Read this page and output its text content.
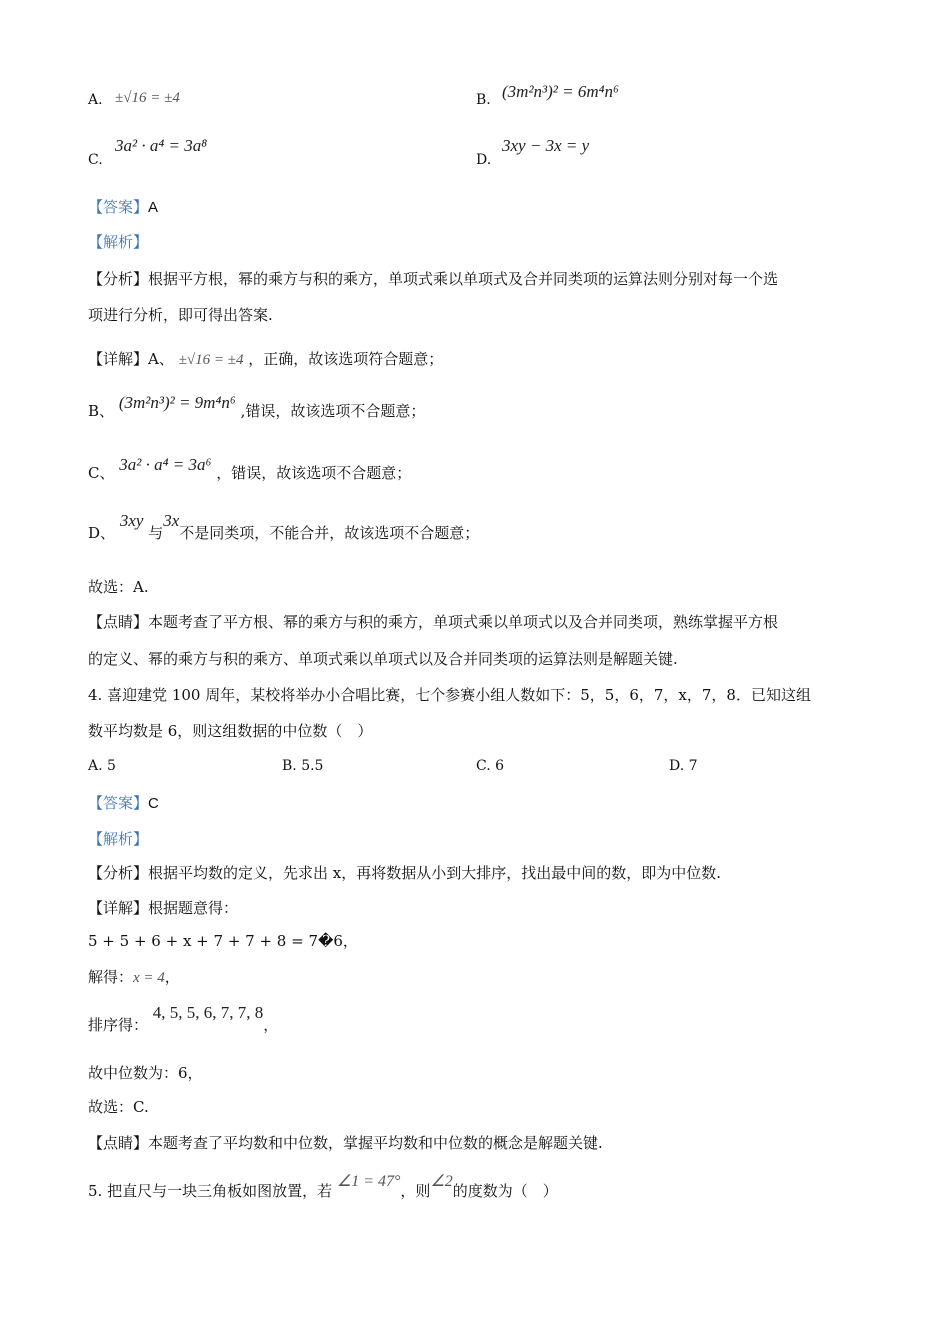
A. ±√16 = ±4	B. (3m²n³)² = 6m⁴n⁶
C.
3a² · a⁴ = 3a⁸
D.
3xy − 3x = y
【答案】A
【解析】
【分析】根据平方根，幂的乘方与积的乘方，单项式乘以单项式及合并同类项的运算法则分别对每一个选
项进行分析，即可得出答案.
【详解】A、 ±√16 = ±4 ，正确，故该选项符合题意；
B、 (3m²n³)² = 9m⁴n⁶ ,错误，故该选项不合题意；
C、 3a² · a⁴ = 3a⁶ ，错误，故该选项不合题意；
D、 3xy 与3x不是同类项，不能合并，故该选项不合题意；
故选：A.
【点睛】本题考查了平方根、幂的乘方与积的乘方，单项式乘以单项式以及合并同类项，熟练掌握平方根
的定义、幂的乘方与积的乘方、单项式乘以单项式以及合并同类项的运算法则是解题关键.
4. 喜迎建党 100 周年，某校将举办小合唱比赛，七个参赛小组人数如下：5，5，6，7，x，7，8．已知这组
数平均数是 6，则这组数据的中位数（　）
A. 5	B. 5.5	C. 6	D. 7
【答案】C
【解析】
【分析】根据平均数的定义，先求出 x，再将数据从小到大排序，找出最中间的数，即为中位数.
【详解】根据题意得：
5 + 5 + 6 + x + 7 + 7 + 8 = 7�6，
解得：x = 4，
排序得： 4, 5, 5, 6, 7, 7, 8，
故中位数为：6，
故选：C.
【点睛】本题考查了平均数和中位数，掌握平均数和中位数的概念是解题关键.
5. 把直尺与一块三角板如图放置，若 ∠1 = 47°，则∠2的度数为（　）
